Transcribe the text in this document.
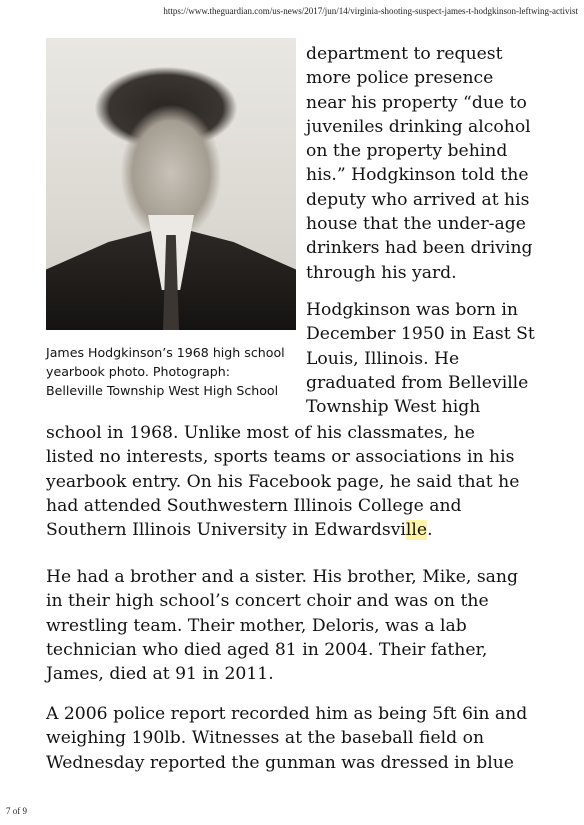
https://www.theguardian.com/us-news/2017/jun/14/virginia-shooting-suspect-james-t-hodgkinson-leftwing-activist
James Hodgkinson’s 1968 high school
yearbook photo. Photograph:
Belleville Township West High School
department to request
more police presence
near his property “due to
juveniles drinking alcohol
on the property behind
his.” Hodgkinson told the
deputy who arrived at his
house that the under-age
drinkers had been driving
through his yard.
Hodgkinson was born in
December 1950 in East St
Louis, Illinois. He
graduated from Belleville
Township West high
school in 1968. Unlike most of his classmates, he
listed no interests, sports teams or associations in his
yearbook entry. On his Facebook page, he said that he
had attended Southwestern Illinois College and
Southern Illinois University in Edwardsville.
He had a brother and a sister. His brother, Mike, sang
in their high school’s concert choir and was on the
wrestling team. Their mother, Deloris, was a lab
technician who died aged 81 in 2004. Their father,
James, died at 91 in 2011.
A 2006 police report recorded him as being 5ft 6in and
weighing 190lb. Witnesses at the baseball field on
Wednesday reported the gunman was dressed in blue
7 of 9
